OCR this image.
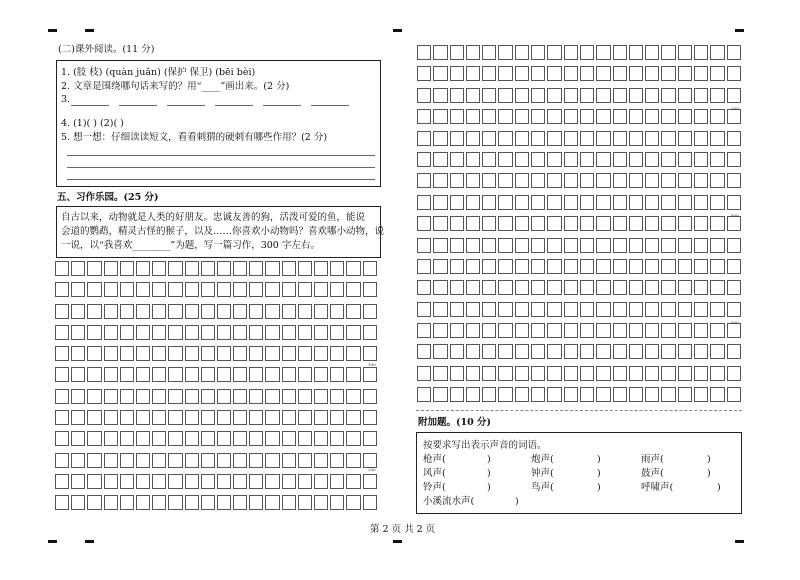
(二)课外阅读。(11 分)
1. (肢 枝) (quàn juǎn) (保护 保卫) (bēi bèi)
2. 文章是围绕哪句话来写的？用“____”画出来。(2 分)
3.
4. (1)( ) (2)( )
5. 想一想：仔细读读短文，看看刺猬的硬刺有哪些作用？(2 分)
五、习作乐园。(25 分)
自古以来，动物就是人类的好朋友。忠诚友善的狗，活泼可爱的鱼，能说
会道的鹦鹉，精灵古怪的猴子，以及……你喜欢小动物吗？喜欢哪小动物，说
一说，以“我喜欢________”为题，写一篇习作，300 字左右。
100
200
300
400
500
附加题。(10 分)
按要求写出表示声音的词语。
枪声(	)	炮声(	)	雨声(	)
风声(	)	钟声(	)	鼓声(	)
铃声(	)	鸟声(	)	呼啸声(	)
小溪流水声(	)
第 2 页 共 2 页
